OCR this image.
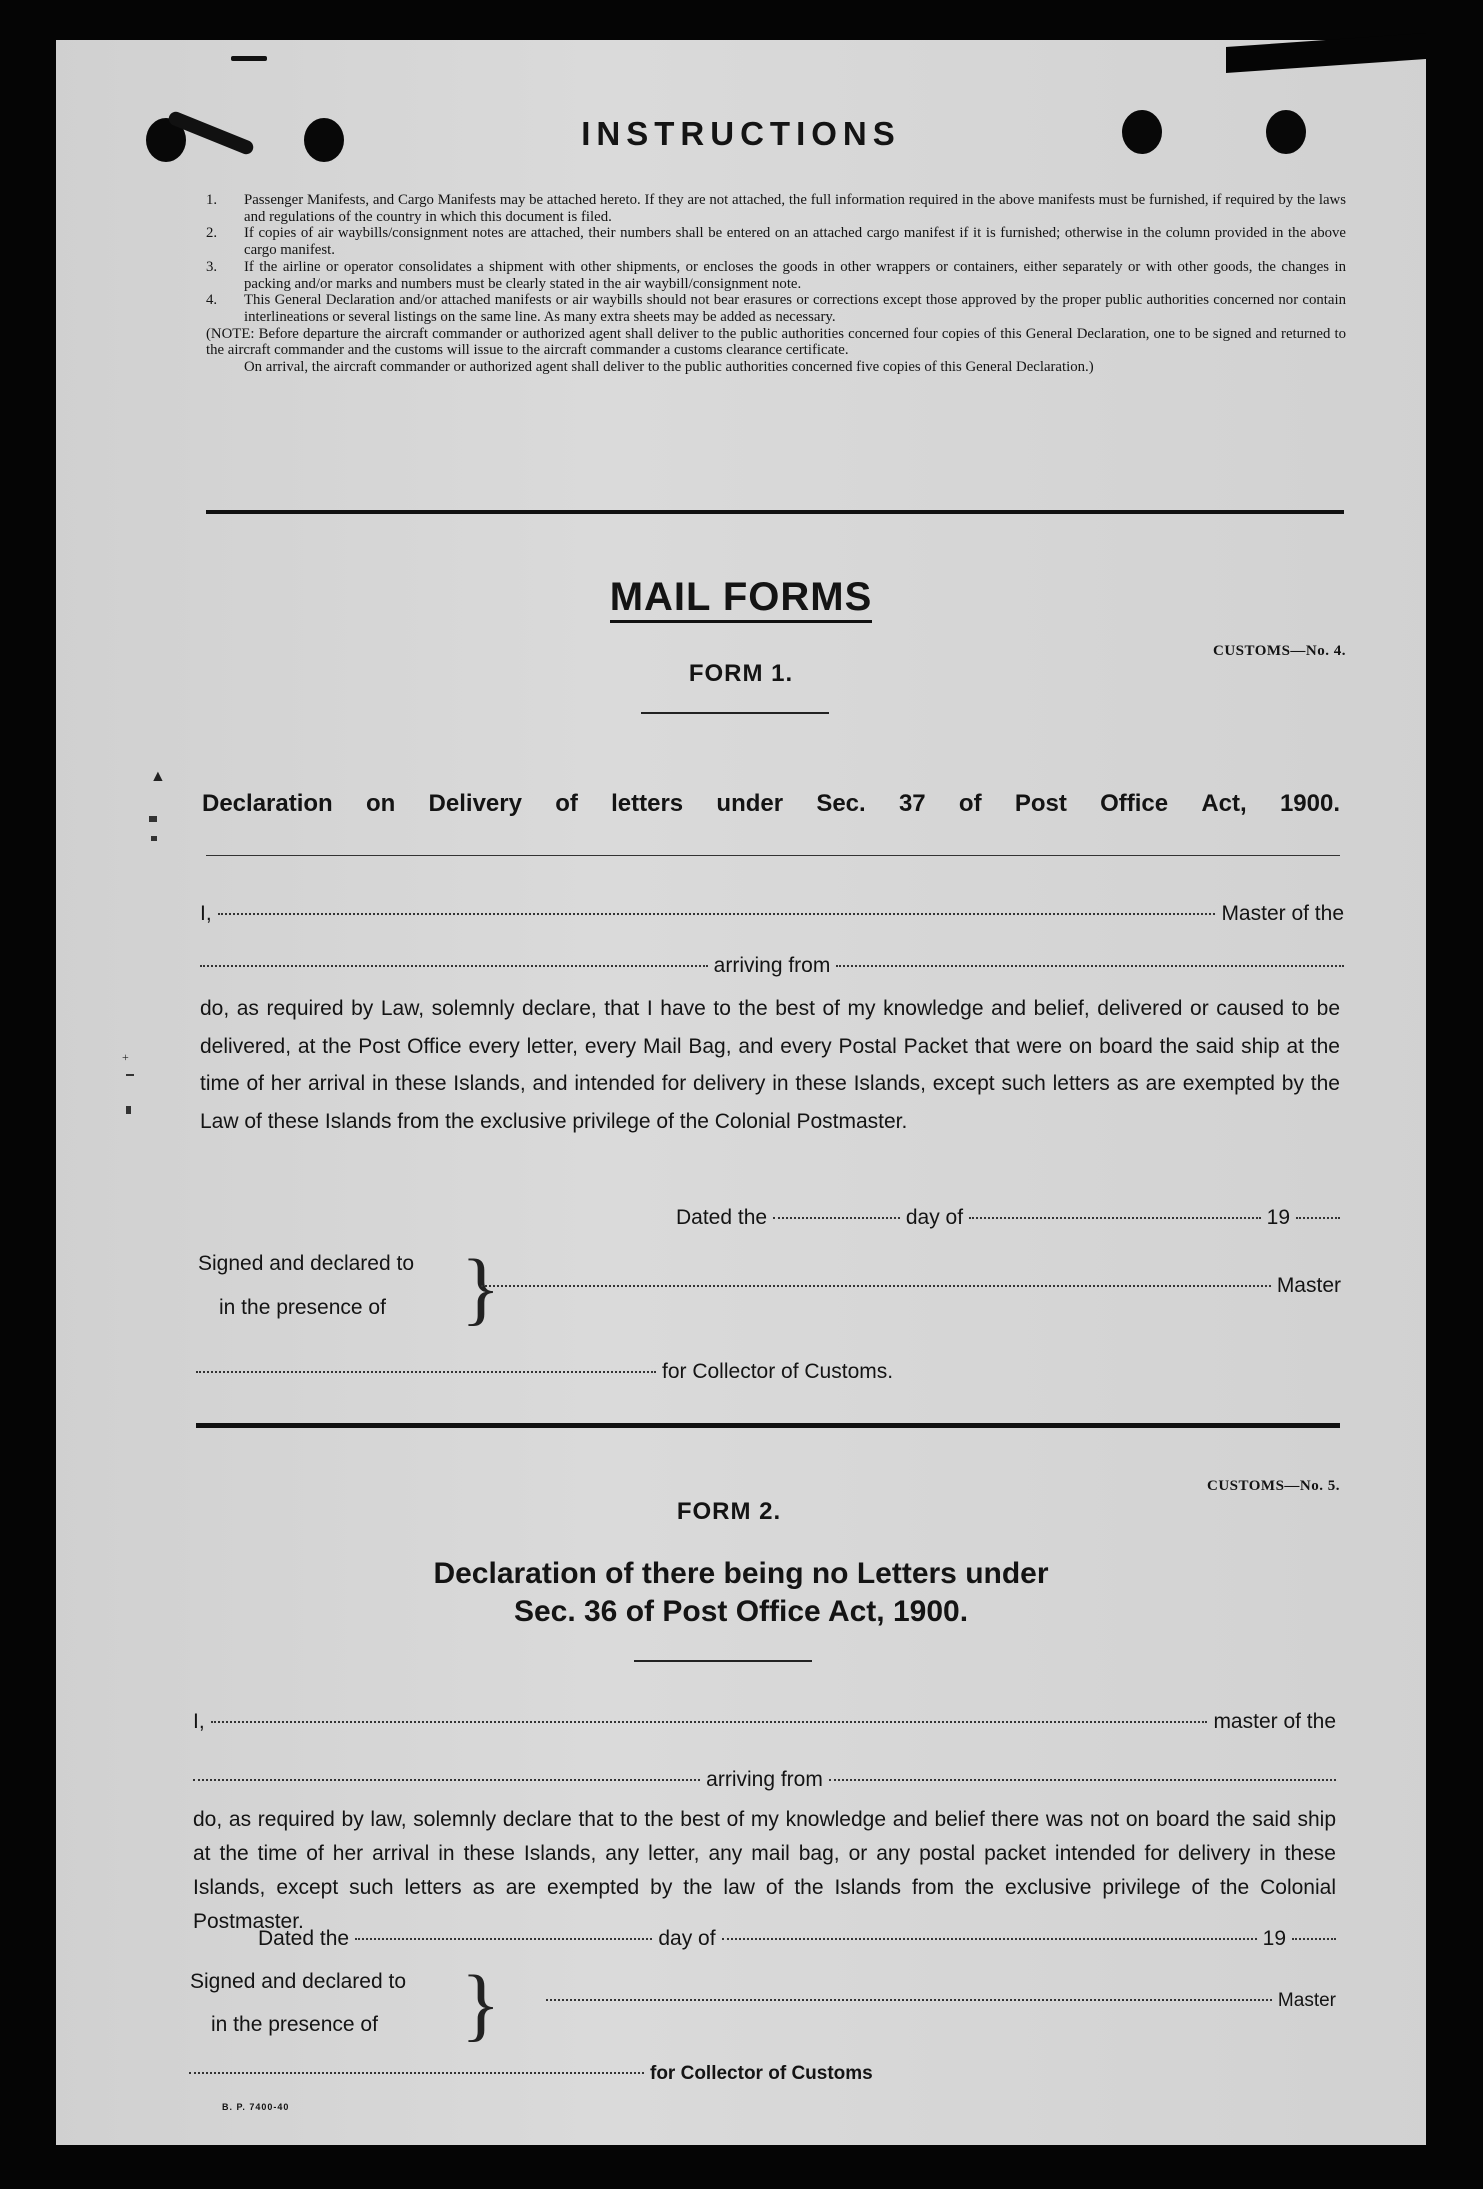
INSTRUCTIONS
1.	Passenger Manifests, and Cargo Manifests may be attached hereto. If they are not attached, the full information required in the above manifests must be furnished, if required by the laws and regulations of the country in which this document is filed.
2.	If copies of air waybills/consignment notes are attached, their numbers shall be entered on an attached cargo manifest if it is furnished; otherwise in the column provided in the above cargo manifest.
3.	If the airline or operator consolidates a shipment with other shipments, or encloses the goods in other wrappers or containers, either separately or with other goods, the changes in packing and/or marks and numbers must be clearly stated in the air waybill/consignment note.
4.	This General Declaration and/or attached manifests or air waybills should not bear erasures or corrections except those approved by the proper public authorities concerned nor contain interlineations or several listings on the same line. As many extra sheets may be added as necessary.
(NOTE: Before departure the aircraft commander or authorized agent shall deliver to the public authorities concerned four copies of this General Declaration, one to be signed and returned to the aircraft commander and the customs will issue to the aircraft commander a customs clearance certificate.
On arrival, the aircraft commander or authorized agent shall deliver to the public authorities concerned five copies of this General Declaration.)
MAIL FORMS
CUSTOMS—No. 4.
FORM 1.
▲
Declaration on Delivery of letters under Sec. 37 of Post Office Act, 1900.
I,	Master of the
arriving from
do, as required by Law, solemnly declare, that I have to the best of my knowledge and belief, delivered or caused to be delivered, at the Post Office every letter, every Mail Bag, and every Postal Packet that were on board the said ship at the time of her arrival in these Islands, and intended for delivery in these Islands, except such letters as are exempted by the Law of these Islands from the exclusive privilege of the Colonial Postmaster.
+
Dated the	day of	19
Signed and declared to
in the presence of }	Master
for Collector of Customs.
CUSTOMS—No. 5.
FORM 2.
Declaration of there being no Letters under
Sec. 36 of Post Office Act, 1900.
I,	master of the
arriving from
do, as required by law, solemnly declare that to the best of my knowledge and belief there was not on board the said ship at the time of her arrival in these Islands, any letter, any mail bag, or any postal packet intended for delivery in these Islands, except such letters as are exempted by the law of the Islands from the exclusive privilege of the Colonial Postmaster.
Dated the	day of	19
Signed and declared to
in the presence of }	Master
for Collector of Customs
B. P. 7400-40
